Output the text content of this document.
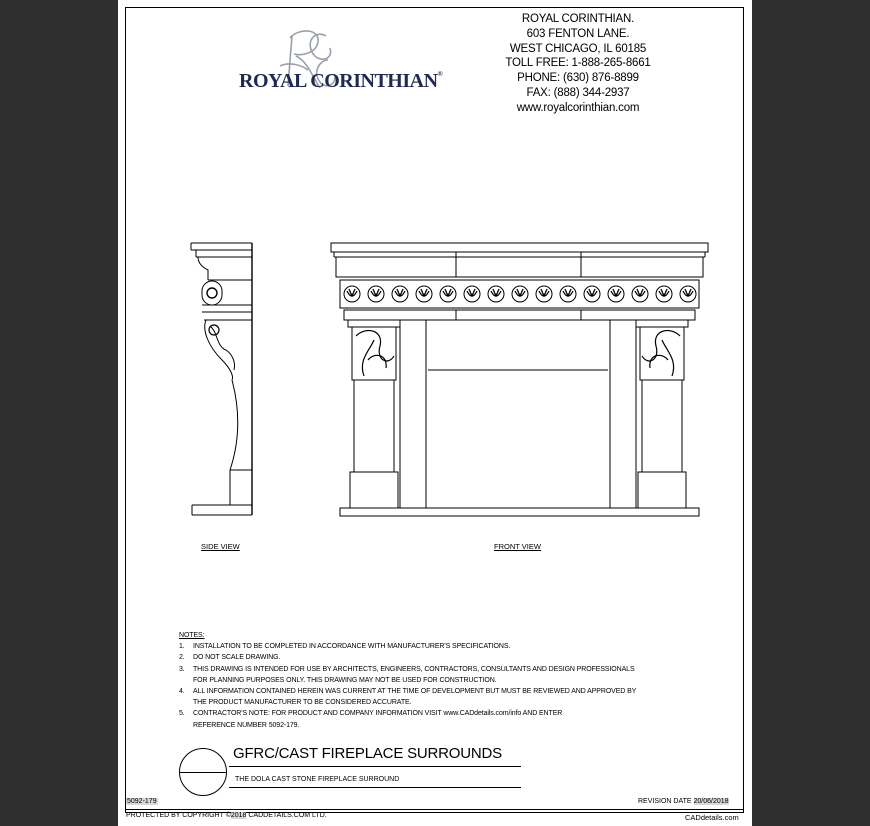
ROYAL CORINTHIAN®
ROYAL CORINTHIAN.
603 FENTON LANE.
WEST CHICAGO, IL 60185
TOLL FREE: 1-888-265-8661
PHONE: (630) 876-8899
FAX: (888) 344-2937
www.royalcorinthian.com
SIDE VIEW	FRONT VIEW
NOTES:
1.	INSTALLATION TO BE COMPLETED IN ACCORDANCE WITH MANUFACTURER'S SPECIFICATIONS.
2.	DO NOT SCALE DRAWING.
3.	THIS DRAWING IS INTENDED FOR USE BY ARCHITECTS, ENGINEERS, CONTRACTORS, CONSULTANTS AND DESIGN PROFESSIONALS
FOR PLANNING PURPOSES ONLY. THIS DRAWING MAY NOT BE USED FOR CONSTRUCTION.
4.	ALL INFORMATION CONTAINED HEREIN WAS CURRENT AT THE TIME OF DEVELOPMENT BUT MUST BE REVIEWED AND APPROVED BY
THE PRODUCT MANUFACTURER TO BE CONSIDERED ACCURATE.
5.	CONTRACTOR'S NOTE: FOR PRODUCT AND COMPANY INFORMATION VISIT www.CADdetails.com/info AND ENTER
REFERENCE NUMBER 5092-179.
GFRC/CAST FIREPLACE SURROUNDS
THE DOLA CAST STONE FIREPLACE SURROUND
5092-179	REVISION DATE 20/06/2018
PROTECTED BY COPYRIGHT ©2018 CADDETAILS.COM LTD.	CADdetails.com
